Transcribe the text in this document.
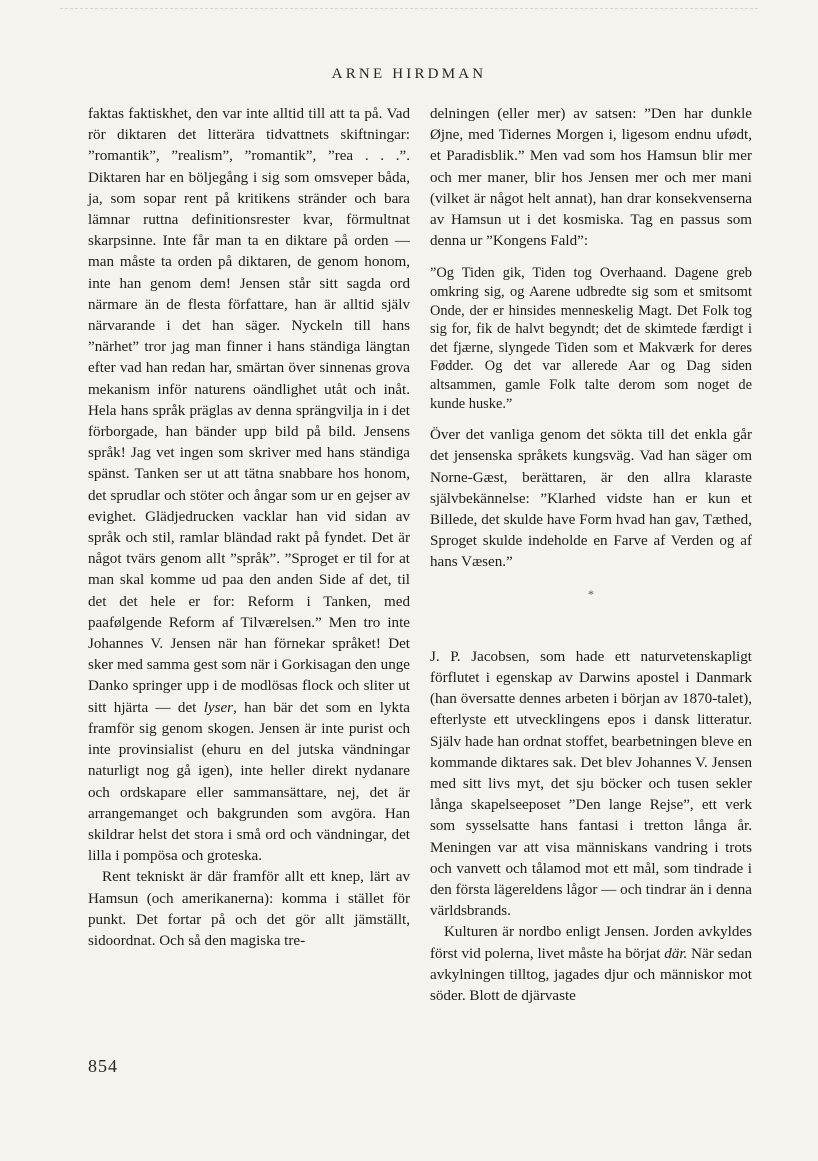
ARNE HIRDMAN

faktas faktiskhet, den var inte alltid till att ta på. Vad rör diktaren det litterära tidvattnets skiftningar: ”romantik”, ”realism”, ”romantik”, ”rea . . .”. Diktaren har en böljegång i sig som omsveper båda, ja, som sopar rent på kritikens stränder och bara lämnar ruttna definitionsrester kvar, förmultnat skarpsinne. Inte får man ta en diktare på orden — man måste ta orden på diktaren, de genom honom, inte han genom dem! Jensen står sitt sagda ord närmare än de flesta författare, han är alltid själv närvarande i det han säger. Nyckeln till hans ”närhet” tror jag man finner i hans ständiga längtan efter vad han redan har, smärtan över sinnenas grova mekanism inför naturens oändlighet utåt och inåt. Hela hans språk präglas av denna sprängvilja in i det förborgade, han bänder upp bild på bild. Jensens språk! Jag vet ingen som skriver med hans ständiga spänst. Tanken ser ut att tätna snabbare hos honom, det sprudlar och stöter och ångar som ur en gejser av evighet. Glädjedrucken vacklar han vid sidan av språk och stil, ramlar bländad rakt på fyndet. Det är något tvärs genom allt ”språk”. ”Sproget er til for at man skal komme ud paa den anden Side af det, til det det hele er for: Reform i Tanken, med paafølgende Reform af Tilværelsen.” Men tro inte Johannes V. Jensen när han förnekar språket! Det sker med samma gest som när i Gorkisagan den unge Danko springer upp i de modlösas flock och sliter ut sitt hjärta — det lyser, han bär det som en lykta framför sig genom skogen. Jensen är inte purist och inte provinsialist (ehuru en del jutska vändningar naturligt nog gå igen), inte heller direkt nydanare och ordskapare eller sammansättare, nej, det är arrangemanget och bakgrunden som avgöra. Han skildrar helst det stora i små ord och vändningar, det lilla i pompösa och groteska.

Rent tekniskt är där framför allt ett knep, lärt av Hamsun (och amerikanerna): komma i stället för punkt. Det fortar på och det gör allt jämställt, sidoordnat. Och så den magiska tre-

delningen (eller mer) av satsen: ”Den har dunkle Øjne, med Tidernes Morgen i, ligesom endnu ufødt, et Paradisblik.” Men vad som hos Hamsun blir mer och mer maner, blir hos Jensen mer och mer mani (vilket är något helt annat), han drar konsekvenserna av Hamsun ut i det kosmiska. Tag en passus som denna ur ”Kongens Fald”:

”Og Tiden gik, Tiden tog Overhaand. Dagene greb omkring sig, og Aarene udbredte sig som et smitsomt Onde, der er hinsides menneskelig Magt. Det Folk tog sig for, fik de halvt begyndt; det de skimtede færdigt i det fjærne, slyngede Tiden som et Makværk for deres Fødder. Og det var allerede Aar og Dag siden altsammen, gamle Folk talte derom som noget de kunde huske.”

Över det vanliga genom det sökta till det enkla går det jensenska språkets kungsväg. Vad han säger om Norne-Gæst, berättaren, är den allra klaraste självbekännelse: ”Klarhed vidste han er kun et Billede, det skulde have Form hvad han gav, Tæthed, Sproget skulde indeholde en Farve af Verden og af hans Væsen.”

*

J. P. Jacobsen, som hade ett naturvetenskapligt förflutet i egenskap av Darwins apostel i Danmark (han översatte dennes arbeten i början av 1870-talet), efterlyste ett utvecklingens epos i dansk litteratur. Själv hade han ordnat stoffet, bearbetningen bleve en kommande diktares sak. Det blev Johannes V. Jensen med sitt livs myt, det sju böcker och tusen sekler långa skapelseeposet ”Den lange Rejse”, ett verk som sysselsatte hans fantasi i tretton långa år. Meningen var att visa människans vandring i trots och vanvett och tålamod mot ett mål, som tindrade i den första lägereldens lågor — och tindrar än i denna världsbrands.

Kulturen är nordbo enligt Jensen. Jorden avkyldes först vid polerna, livet måste ha börjat där. När sedan avkylningen tilltog, jagades djur och människor mot söder. Blott de djärvaste

854
